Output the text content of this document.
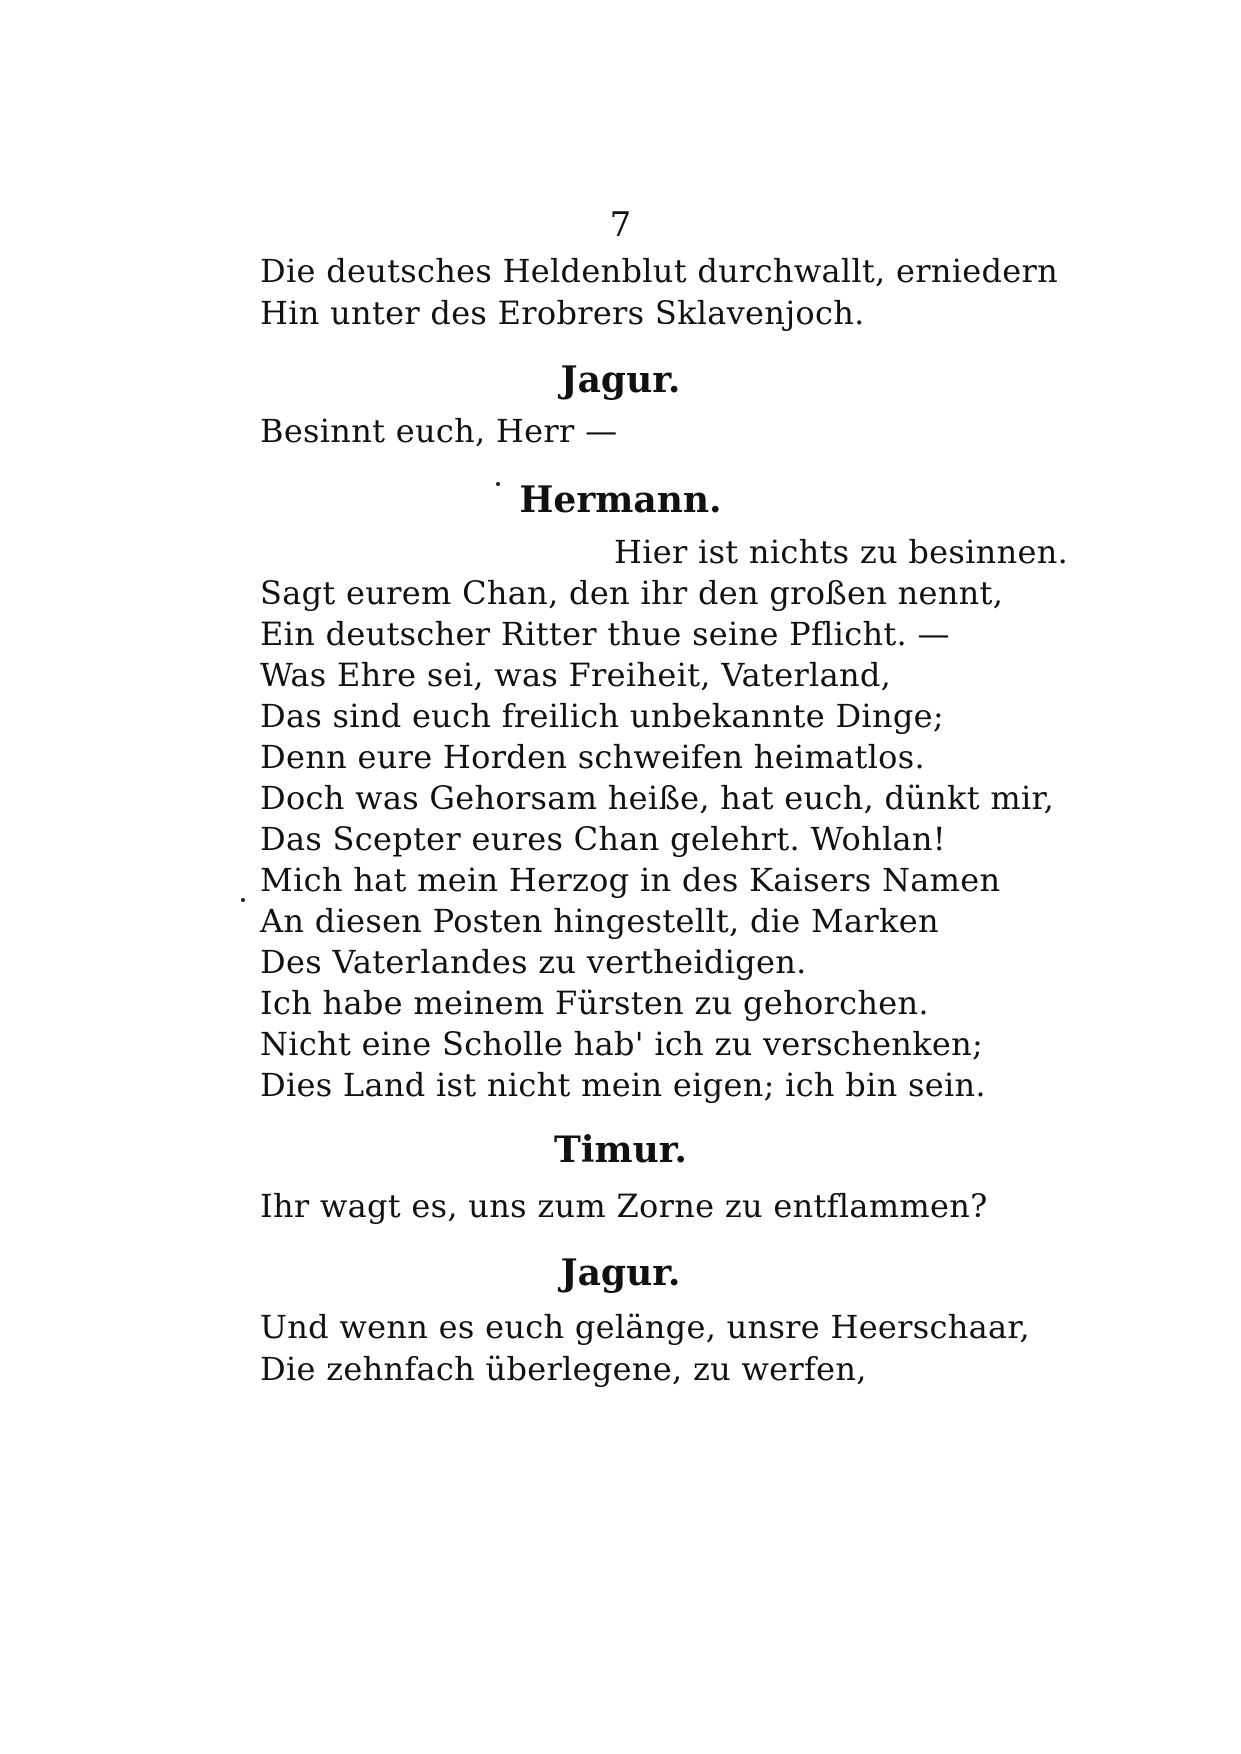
7
Die deutsches Heldenblut durchwallt, erniedern
Hin unter des Erobrers Sklavenjoch.
Jagur.
Besinnt euch, Herr —
Hermann.
Hier ist nichts zu besinnen.
Sagt eurem Chan, den ihr den großen nennt,
Ein deutscher Ritter thue seine Pflicht. —
Was Ehre sei, was Freiheit, Vaterland,
Das sind euch freilich unbekannte Dinge;
Denn eure Horden schweifen heimatlos.
Doch was Gehorsam heiße, hat euch, dünkt mir,
Das Scepter eures Chan gelehrt. Wohlan!
Mich hat mein Herzog in des Kaisers Namen
An diesen Posten hingestellt, die Marken
Des Vaterlandes zu vertheidigen.
Ich habe meinem Fürsten zu gehorchen.
Nicht eine Scholle hab' ich zu verschenken;
Dies Land ist nicht mein eigen; ich bin sein.
Timur.
Ihr wagt es, uns zum Zorne zu entflammen?
Jagur.
Und wenn es euch gelänge, unsre Heerschaar,
Die zehnfach überlegene, zu werfen,
